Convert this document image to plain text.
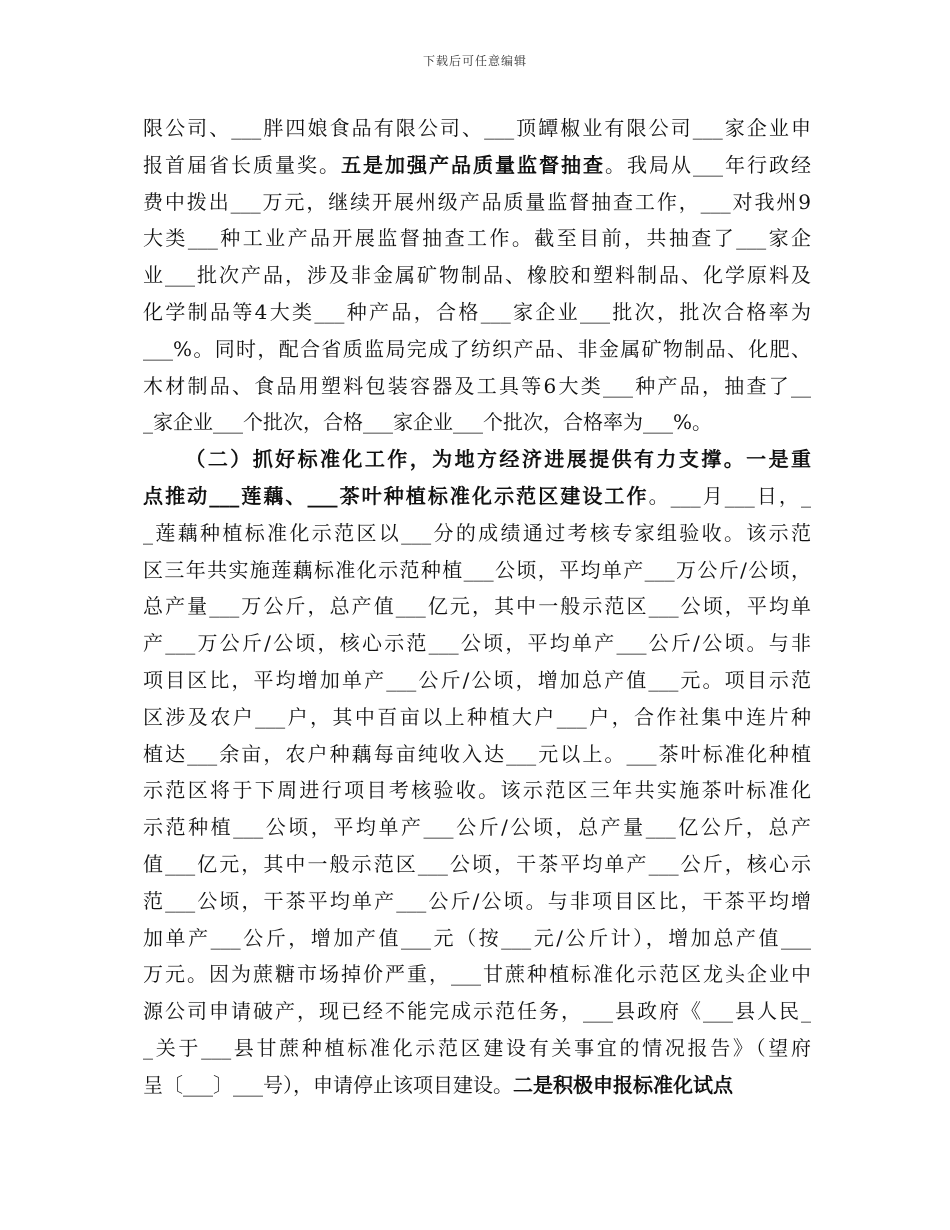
下载后可任意编辑
限公司、___胖四娘食品有限公司、___顶罈椒业有限公司___家企业申
报首届省长质量奖。五是加强产品质量监督抽查。我局从___年行政经
费中拨出___万元，继续开展州级产品质量监督抽查工作，___对我州9
大类___种工业产品开展监督抽查工作。截至目前，共抽查了___家企
业___批次产品，涉及非金属矿物制品、橡胶和塑料制品、化学原料及
化学制品等4大类___种产品，合格___家企业___批次，批次合格率为
___%。同时，配合省质监局完成了纺织产品、非金属矿物制品、化肥、
木材制品、食品用塑料包装容器及工具等6大类___种产品，抽查了__
_家企业___个批次，合格___家企业___个批次，合格率为___%。
（二）抓好标准化工作，为地方经济进展提供有力支撑。一是重
点推动___莲藕、___茶叶种植标准化示范区建设工作。___月___日，_
_莲藕种植标准化示范区以___分的成绩通过考核专家组验收。该示范
区三年共实施莲藕标准化示范种植___公顷，平均单产___万公斤/公顷，
总产量___万公斤，总产值___亿元，其中一般示范区___公顷，平均单
产___万公斤/公顷，核心示范___公顷，平均单产___公斤/公顷。与非
项目区比，平均增加单产___公斤/公顷，增加总产值___元。项目示范
区涉及农户___户，其中百亩以上种植大户___户，合作社集中连片种
植达___余亩，农户种藕每亩纯收入达___元以上。___茶叶标准化种植
示范区将于下周进行项目考核验收。该示范区三年共实施茶叶标准化
示范种植___公顷，平均单产___公斤/公顷，总产量___亿公斤，总产
值___亿元，其中一般示范区___公顷，干茶平均单产___公斤，核心示
范___公顷，干茶平均单产___公斤/公顷。与非项目区比，干茶平均增
加单产___公斤，增加产值___元（按___元/公斤计），增加总产值___
万元。因为蔗糖市场掉价严重，___甘蔗种植标准化示范区龙头企业中
源公司申请破产，现已经不能完成示范任务，___县政府《___县人民_
_关于___县甘蔗种植标准化示范区建设有关事宜的情况报告》（望府
呈〔___〕___号），申请停止该项目建设。二是积极申报标准化试点
